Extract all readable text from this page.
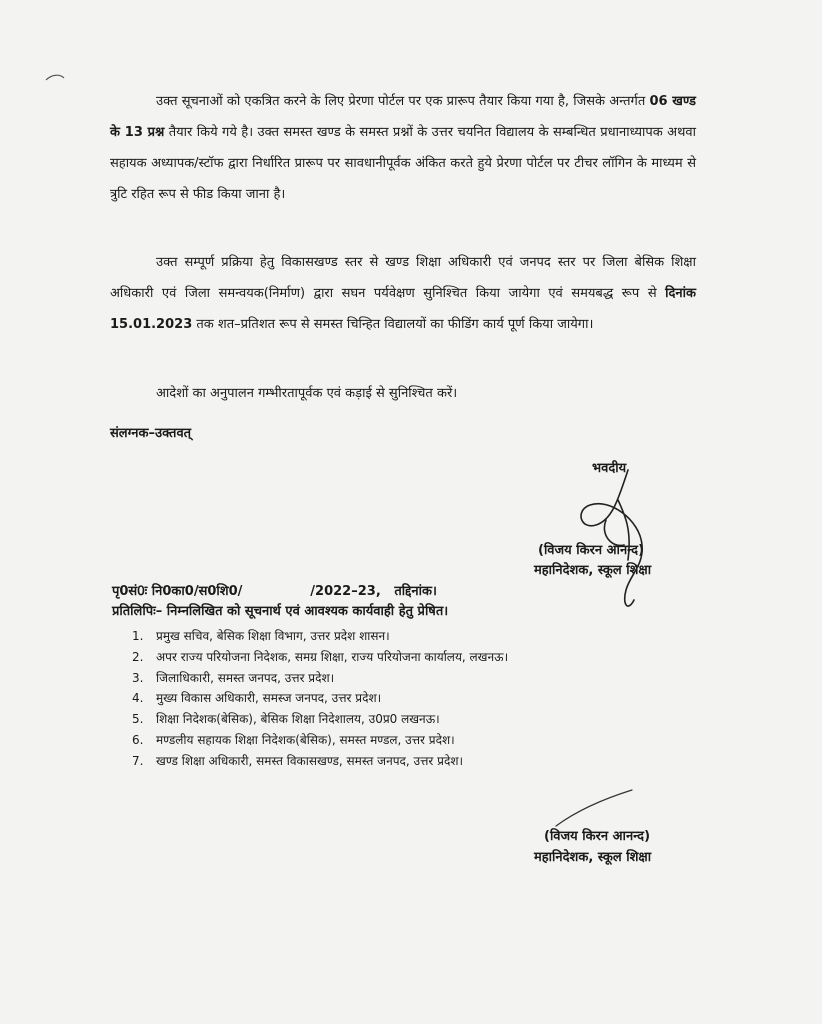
उक्त सूचनाओं को एकत्रित करने के लिए प्रेरणा पोर्टल पर एक प्रारूप तैयार किया गया है, जिसके अन्तर्गत 06 खण्ड के 13 प्रश्न तैयार किये गये है। उक्त समस्त खण्ड के समस्त प्रश्नों के उत्तर चयनित विद्यालय के सम्बन्धित प्रधानाध्यापक अथवा सहायक अध्यापक/स्टॉफ द्वारा निर्धारित प्रारूप पर सावधानीपूर्वक अंकित करते हुये प्रेरणा पोर्टल पर टीचर लॉगिन के माध्यम से त्रुटि रहित रूप से फीड किया जाना है।
उक्त सम्पूर्ण प्रक्रिया हेतु विकासखण्ड स्तर से खण्ड शिक्षा अधिकारी एवं जनपद स्तर पर जिला बेसिक शिक्षा अधिकारी एवं जिला समन्वयक(निर्माण) द्वारा सघन पर्यवेक्षण सुनिश्चित किया जायेगा एवं समयबद्ध रूप से दिनांक 15.01.2023 तक शत–प्रतिशत रूप से समस्त चिन्हित विद्यालयों का फीडिंग कार्य पूर्ण किया जायेगा।
आदेशों का अनुपालन गम्भीरतापूर्वक एवं कड़ाई से सुनिश्चित करें।
संलग्नक–उक्तवत्
भवदीय
(विजय किरन आनन्द)
महानिदेशक, स्कूल शिक्षा
पृ0सं0ः नि0का0/स0शि0/               /2022–23,   तद्दिनांक।
प्रतिलिपिः– निम्नलिखित को सूचनार्थ एवं आवश्यक कार्यवाही हेतु प्रेषित।
1. प्रमुख सचिव, बेसिक शिक्षा विभाग, उत्तर प्रदेश शासन।
2. अपर राज्य परियोजना निदेशक, समग्र शिक्षा, राज्य परियोजना कार्यालय, लखनऊ।
3. जिलाधिकारी, समस्त जनपद, उत्तर प्रदेश।
4. मुख्य विकास अधिकारी, समस्ज जनपद, उत्तर प्रदेश।
5. शिक्षा निदेशक(बेसिक), बेसिक शिक्षा निदेशालय, उ0प्र0 लखनऊ।
6. मण्डलीय सहायक शिक्षा निदेशक(बेसिक), समस्त मण्डल, उत्तर प्रदेश।
7. खण्ड शिक्षा अधिकारी, समस्त विकासखण्ड, समस्त जनपद, उत्तर प्रदेश।
(विजय किरन आनन्द)
महानिदेशक, स्कूल शिक्षा
